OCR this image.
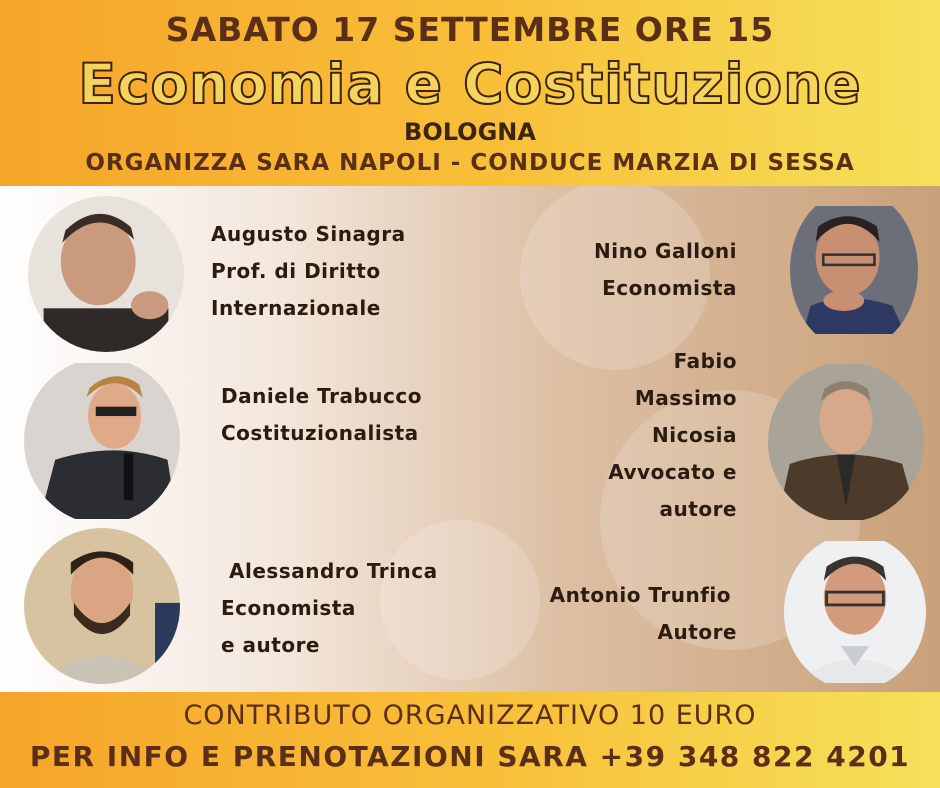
SABATO 17 SETTEMBRE ORE 15
Economia e Costituzione
BOLOGNA
ORGANIZZA SARA NAPOLI - CONDUCE MARZIA DI SESSA
Augusto Sinagra
Prof. di Diritto
Internazionale
Daniele Trabucco
Costituzionalista
Alessandro Trinca
Economista
e autore
Nino Galloni
Economista
Fabio
Massimo
Nicosia
Avvocato e
autore
Antonio Trunfio
Autore
CONTRIBUTO ORGANIZZATIVO 10 EURO
PER INFO E PRENOTAZIONI SARA +39 348 822 4201
